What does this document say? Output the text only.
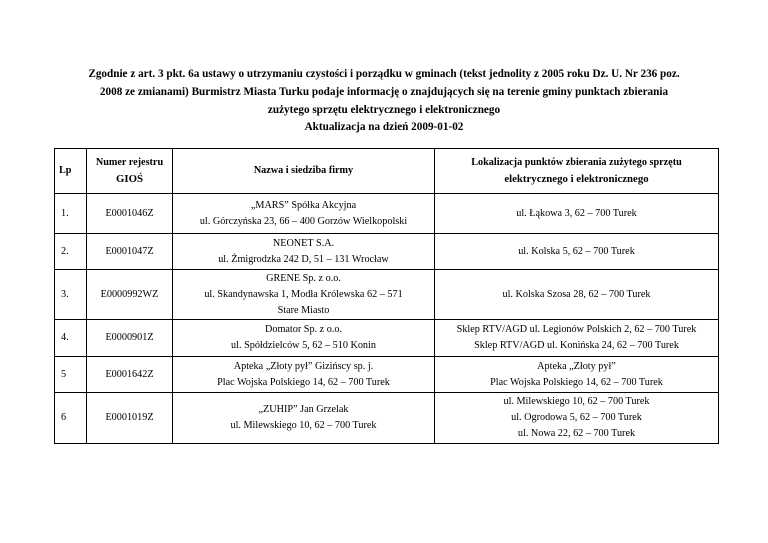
Zgodnie z art. 3 pkt. 6a ustawy o utrzymaniu czystości i porządku w gminach (tekst jednolity z 2005 roku Dz. U. Nr 236 poz.
2008 ze zmianami) Burmistrz Miasta Turku podaje informację o znajdujących się na terenie gminy punktach zbierania
zużytego sprzętu elektrycznego i elektronicznego
Aktualizacja na dzień 2009-01-02
Lp	Numer rejestru
GIOŚ	Nazwa i siedziba firmy	Lokalizacja punktów zbierania zużytego sprzętu
elektrycznego i elektronicznego

1.	E0001046Z	„MARS” Spółka Akcyjna
ul. Górczyńska 23, 66 – 400 Gorzów Wielkopolski	ul. Łąkowa 3, 62 – 700 Turek

2.	E0001047Z	NEONET S.A.
ul. Żmigrodzka 242 D, 51 – 131 Wrocław	ul. Kolska 5, 62 – 700 Turek

3.	E0000992WZ	GRENE Sp. z o.o.
ul. Skandynawska 1, Modła Królewska 62 – 571
Stare Miasto	ul. Kolska Szosa 28, 62 – 700 Turek

4.	E0000901Z	Domator Sp. z o.o.
ul. Spółdzielców 5, 62 – 510 Konin	Sklep RTV/AGD ul. Legionów Polskich 2, 62 – 700 Turek
Sklep RTV/AGD ul. Konińska 24, 62 – 700 Turek

5	E0001642Z	Apteka „Złoty pył” Gizińscy sp. j.
Plac Wojska Polskiego 14, 62 – 700 Turek	Apteka „Złoty pył”
Plac Wojska Polskiego 14, 62 – 700 Turek

6	E0001019Z	„ZUHIP” Jan Grzelak
ul. Milewskiego 10, 62 – 700 Turek	ul. Milewskiego 10, 62 – 700 Turek
ul. Ogrodowa 5, 62 – 700 Turek
ul. Nowa 22, 62 – 700 Turek
